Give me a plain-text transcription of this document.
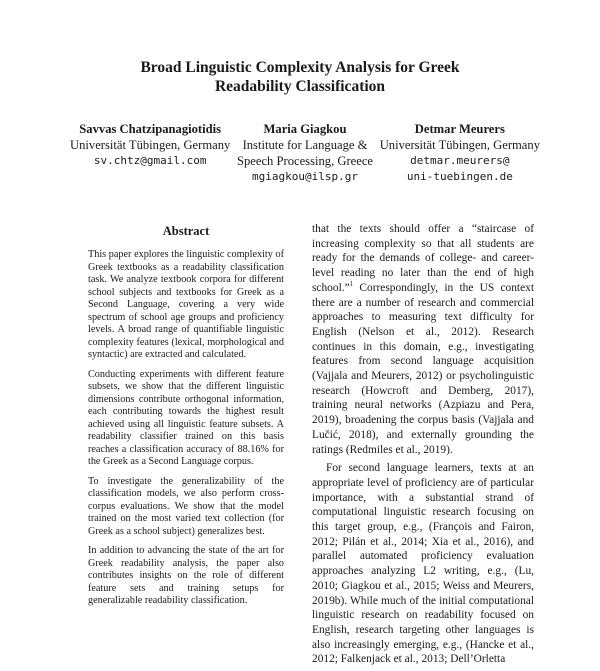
Broad Linguistic Complexity Analysis for Greek
Readability Classification
Savvas Chatzipanagiotidis
Universität Tübingen, Germany
sv.chtz@gmail.com
Maria Giagkou
Institute for Language &
Speech Processing, Greece
mgiagkou@ilsp.gr
Detmar Meurers
Universität Tübingen, Germany
detmar.meurers@
uni-tuebingen.de
Abstract

This paper explores the linguistic complexity of Greek textbooks as a readability classification task. We analyze textbook corpora for different school subjects and textbooks for Greek as a Second Language, covering a very wide spectrum of school age groups and proficiency levels. A broad range of quantifiable linguistic complexity features (lexical, morphological and syntactic) are extracted and calculated.

Conducting experiments with different feature subsets, we show that the different linguistic dimensions contribute orthogonal information, each contributing towards the highest result achieved using all linguistic feature subsets. A readability classifier trained on this basis reaches a classification accuracy of 88.16% for the Greek as a Second Language corpus.

To investigate the generalizability of the classification models, we also perform cross-corpus evaluations. We show that the model trained on the most varied text collection (for Greek as a school subject) generalizes best.

In addition to advancing the state of the art for Greek readability analysis, the paper also contributes insights on the role of different feature sets and training setups for generalizable readability classification.

that the texts should offer a “staircase of increasing complexity so that all students are ready for the demands of college- and career-level reading no later than the end of high school.”$^1$ Correspondingly, in the US context there are a number of research and commercial approaches to measuring text difficulty for English (Nelson et al., 2012). Research continues in this domain, e.g., investigating features from second language acquisition (Vajjala and Meurers, 2012) or psycholinguistic research (Howcroft and Demberg, 2017), training neural networks (Azpiazu and Pera, 2019), broadening the corpus basis (Vajjala and Lučić, 2018), and externally grounding the ratings (Redmiles et al., 2019).

For second language learners, texts at an appropriate level of proficiency are of particular importance, with a substantial strand of computational linguistic research focusing on this target group, e.g., (François and Fairon, 2012; Pilán et al., 2014; Xia et al., 2016), and parallel automated proficiency evaluation approaches analyzing L2 writing, e.g., (Lu, 2010; Giagkou et al., 2015; Weiss and Meurers, 2019b). While much of the initial computational linguistic research on readability focused on English, research targeting other languages is also increasingly emerging, e.g., (Hancke et al., 2012; Falkenjack et al., 2013; Dell’Orletta
